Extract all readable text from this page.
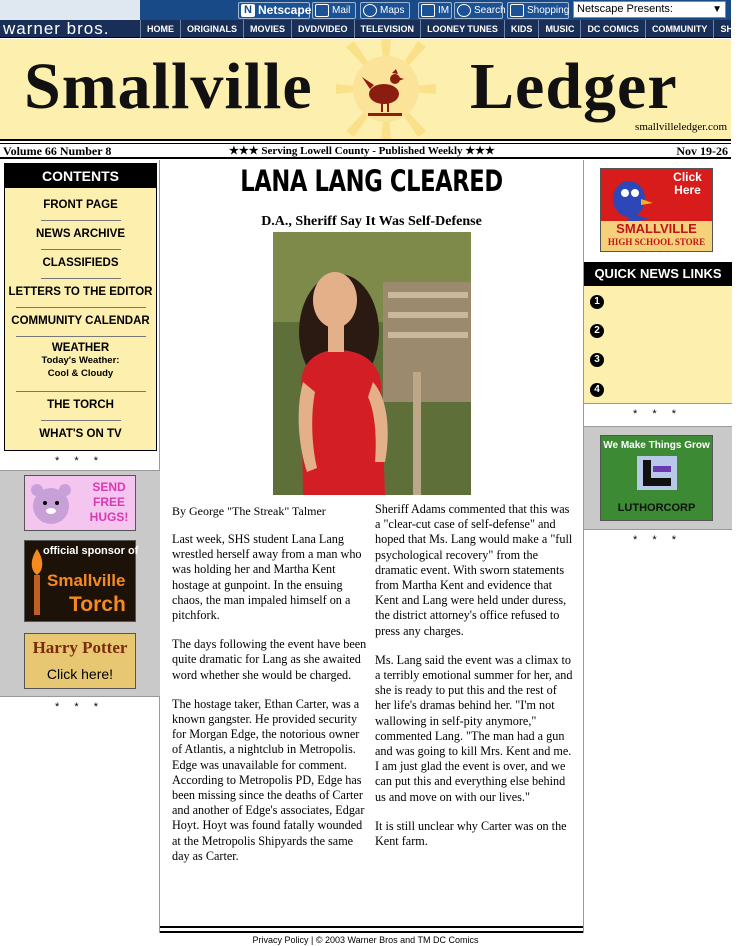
N Netscape	Mail	Maps	IM	Search	Shopping Netscape Presents:	▼
warner bros.	HOME	ORIGINALS	MOVIES	DVD/VIDEO	TELEVISION	LOONEY TUNES	KIDS	MUSIC	DC COMICS	COMMUNITY	SHOP
Smallville Ledger
smallvilleledger.com
Volume 66 Number 8	★★★ Serving Lowell County - Published Weekly ★★★	Nov 19-26
CONTENTS
FRONT PAGE
NEWS ARCHIVE
CLASSIFIEDS
LETTERS TO THE EDITOR
COMMUNITY CALENDAR
WEATHER
Today's Weather:
Cool & Cloudy
THE TORCH
WHAT'S ON TV
* * *
SEND FREE HUGS!
official sponsor of
Smallville
Torch
Harry Potter
Click here!
* * *
LANA LANG CLEARED
D.A., Sheriff Say It Was Self-Defense
By George "The Streak" Talmer

Last week, SHS student Lana Lang wrestled herself away from a man who was holding her and Martha Kent hostage at gunpoint. In the ensuing chaos, the man impaled himself on a pitchfork.

The days following the event have been quite dramatic for Lang as she awaited word whether she would be charged.

The hostage taker, Ethan Carter, was a known gangster. He provided security for Morgan Edge, the notorious owner of Atlantis, a nightclub in Metropolis. Edge was unavailable for comment. According to Metropolis PD, Edge has been missing since the deaths of Carter and another of Edge's associates, Edgar Hoyt. Hoyt was found fatally wounded at the Metropolis Shipyards the same day as Carter.

Sheriff Adams commented that this was a "clear-cut case of self-defense" and hoped that Ms. Lang would make a "full psychological recovery" from the dramatic event. With sworn statements from Martha Kent and evidence that Kent and Lang were held under duress, the district attorney's office refused to press any charges.

Ms. Lang said the event was a climax to a terribly emotional summer for her, and she is ready to put this and the rest of her life's dramas behind her. "I'm not wallowing in self-pity anymore," commented Lang. "The man had a gun and was going to kill Mrs. Kent and me. I am just glad the event is over, and we can put this and everything else behind us and move on with our lives."

It is still unclear why Carter was on the Kent farm.

Click Here
SMALLVILLE
HIGH SCHOOL STORE
QUICK NEWS LINKS
1
2
3
4
* * *
We Make Things Grow
LUTHORCORP
* * *
Privacy Policy | © 2003 Warner Bros and TM DC Comics
